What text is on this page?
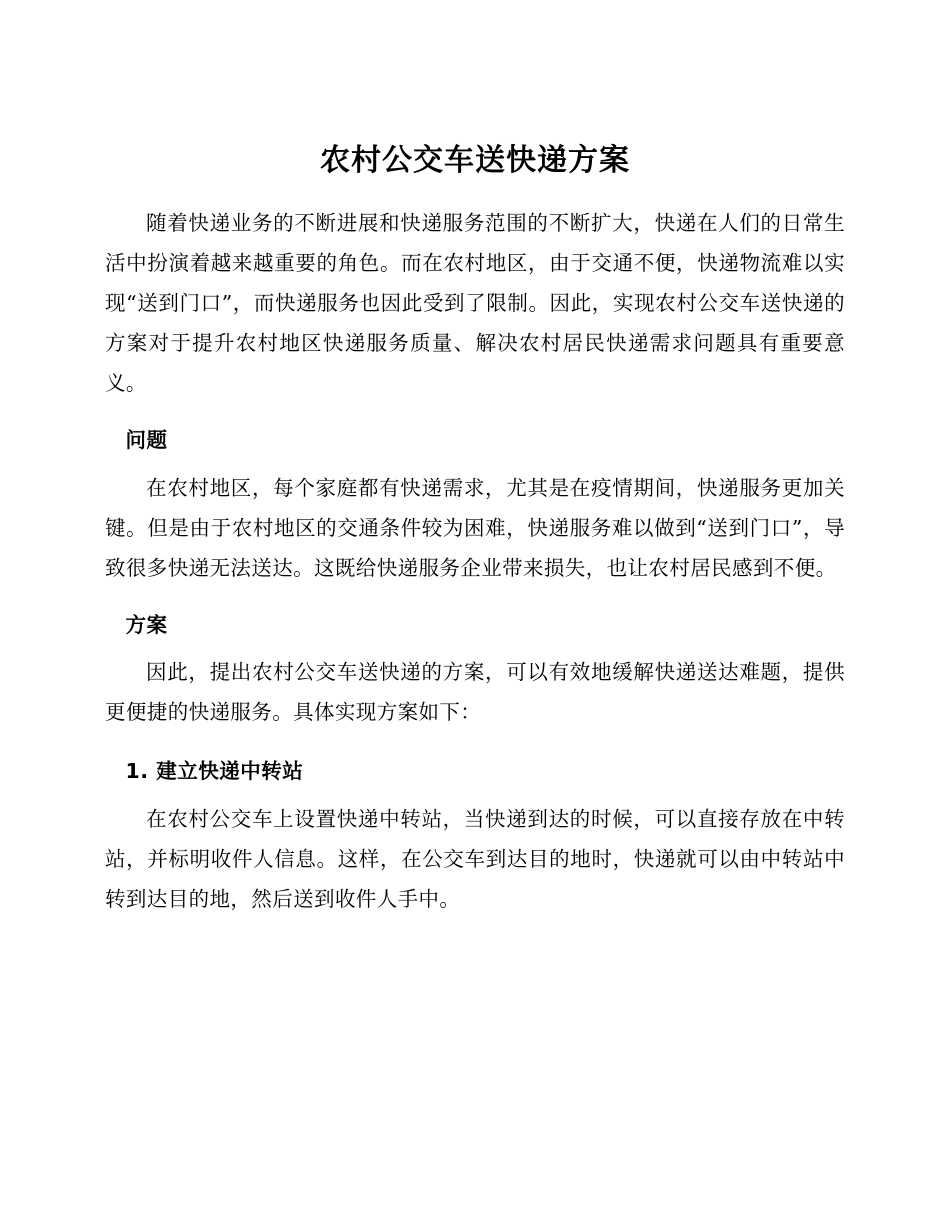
农村公交车送快递方案

随着快递业务的不断进展和快递服务范围的不断扩大，快递在人们的日常生活中扮演着越来越重要的角色。而在农村地区，由于交通不便，快递物流难以实现“送到门口”，而快递服务也因此受到了限制。因此，实现农村公交车送快递的方案对于提升农村地区快递服务质量、解决农村居民快递需求问题具有重要意义。

问题

在农村地区，每个家庭都有快递需求，尤其是在疫情期间，快递服务更加关键。但是由于农村地区的交通条件较为困难，快递服务难以做到“送到门口”，导致很多快递无法送达。这既给快递服务企业带来损失，也让农村居民感到不便。

方案

因此，提出农村公交车送快递的方案，可以有效地缓解快递送达难题，提供更便捷的快递服务。具体实现方案如下：

1. 建立快递中转站

在农村公交车上设置快递中转站，当快递到达的时候，可以直接存放在中转站，并标明收件人信息。这样，在公交车到达目的地时，快递就可以由中转站中转到达目的地，然后送到收件人手中。
